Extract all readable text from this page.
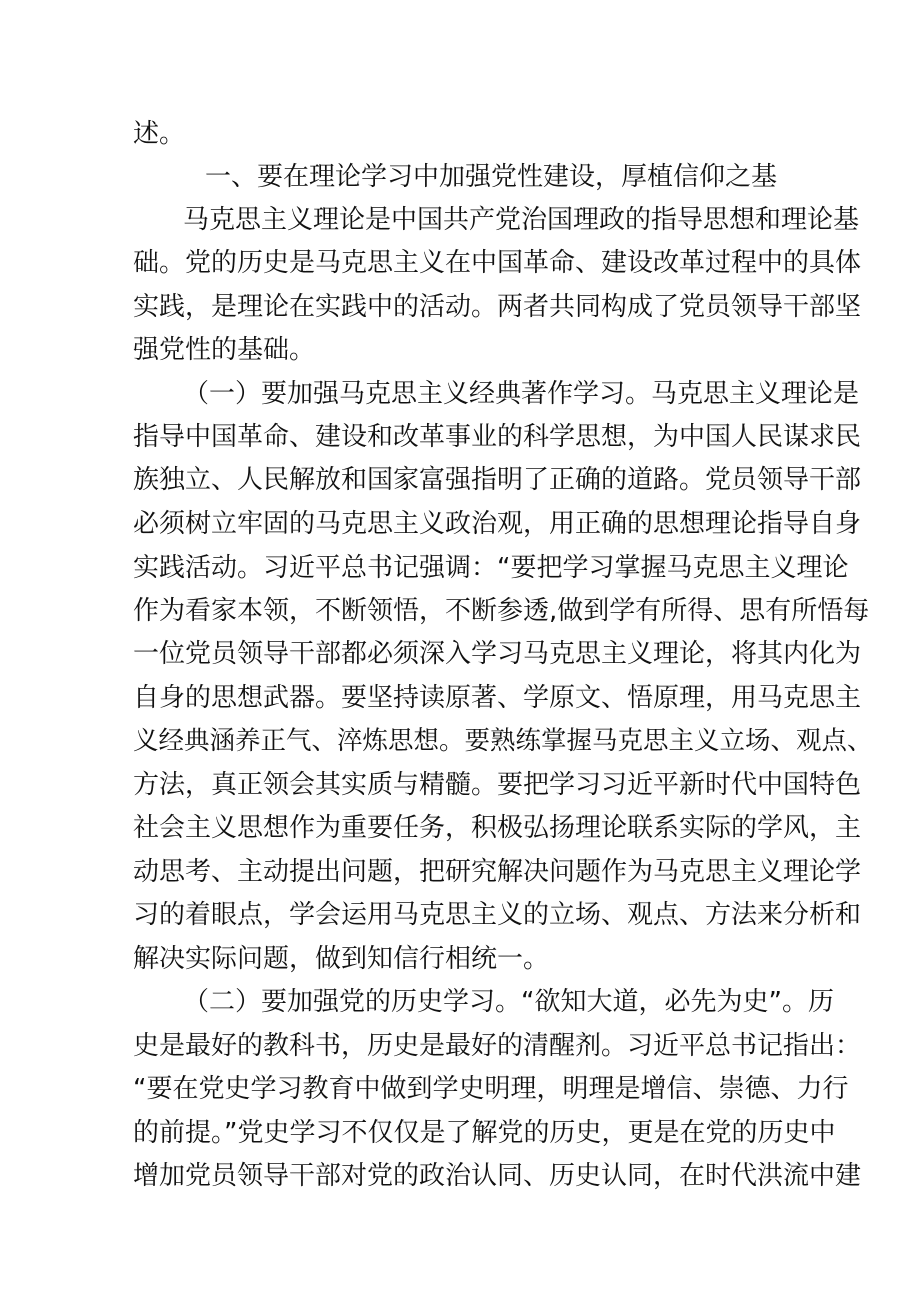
述。
一、要在理论学习中加强党性建设，厚植信仰之基
马克思主义理论是中国共产党治国理政的指导思想和理论基
础。党的历史是马克思主义在中国革命、建设改革过程中的具体
实践，是理论在实践中的活动。两者共同构成了党员领导干部坚
强党性的基础。
（一）要加强马克思主义经典著作学习。马克思主义理论是
指导中国革命、建设和改革事业的科学思想，为中国人民谋求民
族独立、人民解放和国家富强指明了正确的道路。党员领导干部
必须树立牢固的马克思主义政治观，用正确的思想理论指导自身
实践活动。习近平总书记强调：“要把学习掌握马克思主义理论
作为看家本领，不断领悟，不断参透,做到学有所得、思有所悟每
一位党员领导干部都必须深入学习马克思主义理论，将其内化为
自身的思想武器。要坚持读原著、学原文、悟原理，用马克思主
义经典涵养正气、淬炼思想。要熟练掌握马克思主义立场、观点、
方法，真正领会其实质与精髓。要把学习习近平新时代中国特色
社会主义思想作为重要任务，积极弘扬理论联系实际的学风，主
动思考、主动提出问题，把研究解决问题作为马克思主义理论学
习的着眼点，学会运用马克思主义的立场、观点、方法来分析和
解决实际问题，做到知信行相统一。
（二）要加强党的历史学习。“欲知大道，必先为史”。历
史是最好的教科书，历史是最好的清醒剂。习近平总书记指出：
“要在党史学习教育中做到学史明理，明理是增信、崇德、力行
的前提。”党史学习不仅仅是了解党的历史，更是在党的历史中
增加党员领导干部对党的政治认同、历史认同，在时代洪流中建
